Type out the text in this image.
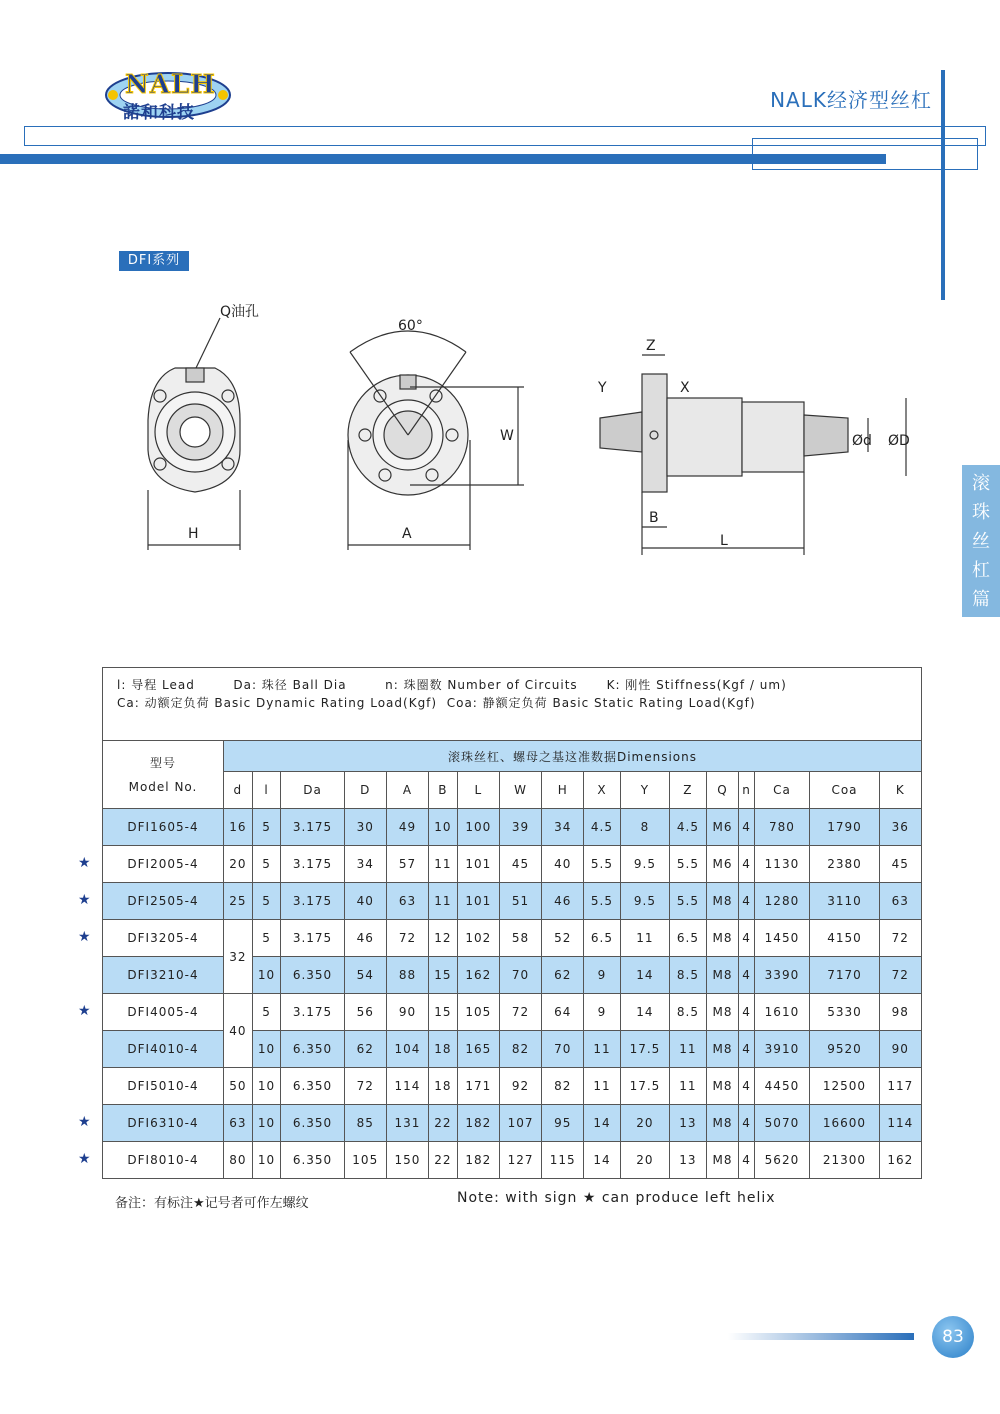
NALH
諾和科技
NALK经济型丝杠
滚
珠
丝
杠
篇
DFI系列
Q油孔
H
60°
A
W
Z
Y	X
Ød ØD
B
L
l: 导程 Lead        Da: 珠径 Ball Dia        n: 珠圈数 Number of Circuits      K: 刚性 Stiffness(Kgf / um)
Ca: 动额定负荷 Basic Dynamic Rating Load(Kgf)  Coa: 静额定负荷 Basic Static Rating Load(Kgf)																	

型号
Model No.	滚珠丝杠、螺母之基这准数据Dimensions																
	d	l	Da	D	A	B	L	W	H	X	Y	Z	Q	n	Ca	Coa	K
DFI1605-4	16	5	3.175	30	49	10	100	39	34	4.5	8	4.5	M6	4	780	1790	36
DFI2005-4	20	5	3.175	34	57	11	101	45	40	5.5	9.5	5.5	M6	4	1130	2380	45
DFI2505-4	25	5	3.175	40	63	11	101	51	46	5.5	9.5	5.5	M8	4	1280	3110	63
DFI3205-4	32	5	3.175	46	72	12	102	58	52	6.5	11	6.5	M8	4	1450	4150	72
DFI3210-4		10	6.350	54	88	15	162	70	62	9	14	8.5	M8	4	3390	7170	72
DFI4005-4	40	5	3.175	56	90	15	105	72	64	9	14	8.5	M8	4	1610	5330	98
DFI4010-4		10	6.350	62	104	18	165	82	70	11	17.5	11	M8	4	3910	9520	90
DFI5010-4	50	10	6.350	72	114	18	171	92	82	11	17.5	11	M8	4	4450	12500	117
DFI6310-4	63	10	6.350	85	131	22	182	107	95	14	20	13	M8	4	5070	16600	114
DFI8010-4	80	10	6.350	105	150	22	182	127	115	14	20	13	M8	4	5620	21300	162
★
★
★
★
★
★
备注：有标注★记号者可作左螺纹	Note: with sign ★ can produce left helix
83
